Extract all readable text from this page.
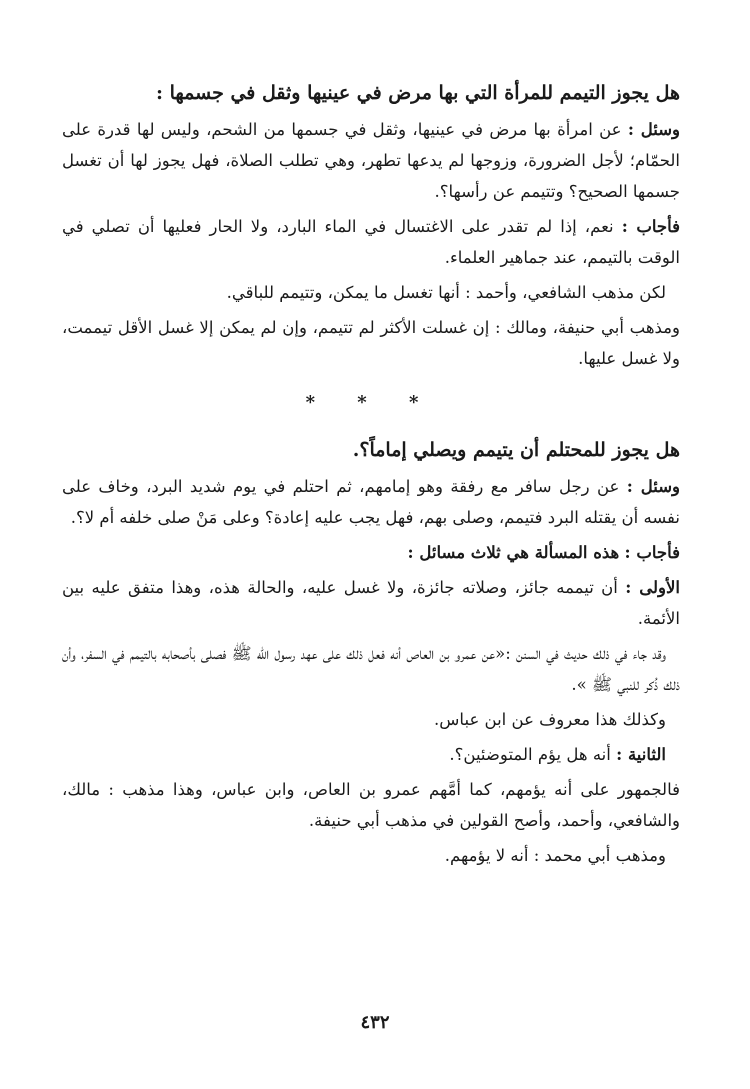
هل يجوز التيمم للمرأة التي بها مرض في عينيها وثقل في جسمها :

وسئل : عن امرأة بها مرض في عينيها، وثقل في جسمها من الشحم، وليس لها قدرة على الحمّام؛ لأجل الضرورة، وزوجها لم يدعها تطهر، وهي تطلب الصلاة، فهل يجوز لها أن تغسل جسمها الصحيح؟ وتتيمم عن رأسها؟.

فأجاب : نعم، إذا لم تقدر على الاغتسال في الماء البارد، ولا الحار فعليها أن تصلي في الوقت بالتيمم، عند جماهير العلماء.

لكن مذهب الشافعي، وأحمد : أنها تغسل ما يمكن، وتتيمم للباقي.

ومذهب أبي حنيفة، ومالك : إن غسلت الأكثر لم تتيمم، وإن لم يمكن إلا غسل الأقل تيممت، ولا غسل عليها.

* * *
هل يجوز للمحتلم أن يتيمم ويصلي إماماً؟.

وسئل : عن رجل سافر مع رفقة وهو إمامهم، ثم احتلم في يوم شديد البرد، وخاف على نفسه أن يقتله البرد فتيمم، وصلى بهم، فهل يجب عليه إعادة؟ وعلى مَنْ صلى خلفه أم لا؟.

فأجاب : هذه المسألة هي ثلاث مسائل :

الأولى : أن تيممه جائز، وصلاته جائزة، ولا غسل عليه، والحالة هذه، وهذا متفق عليه بين الأئمة.

وقد جاء في ذلك حديث في السنن :«عن عمرو بن العاص أنه فعل ذلك على عهد رسول الله ﷺ فصلى بأصحابه بالتيمم في السفر، وأن ذلك ذُكر للنبي ﷺ ».

وكذلك هذا معروف عن ابن عباس.

الثانية : أنه هل يؤم المتوضئين؟.

فالجمهور على أنه يؤمهم، كما أمَّهم عمرو بن العاص، وابن عباس، وهذا مذهب : مالك، والشافعي، وأحمد، وأصح القولين في مذهب أبي حنيفة.

ومذهب أبي محمد : أنه لا يؤمهم.

٤٣٢
